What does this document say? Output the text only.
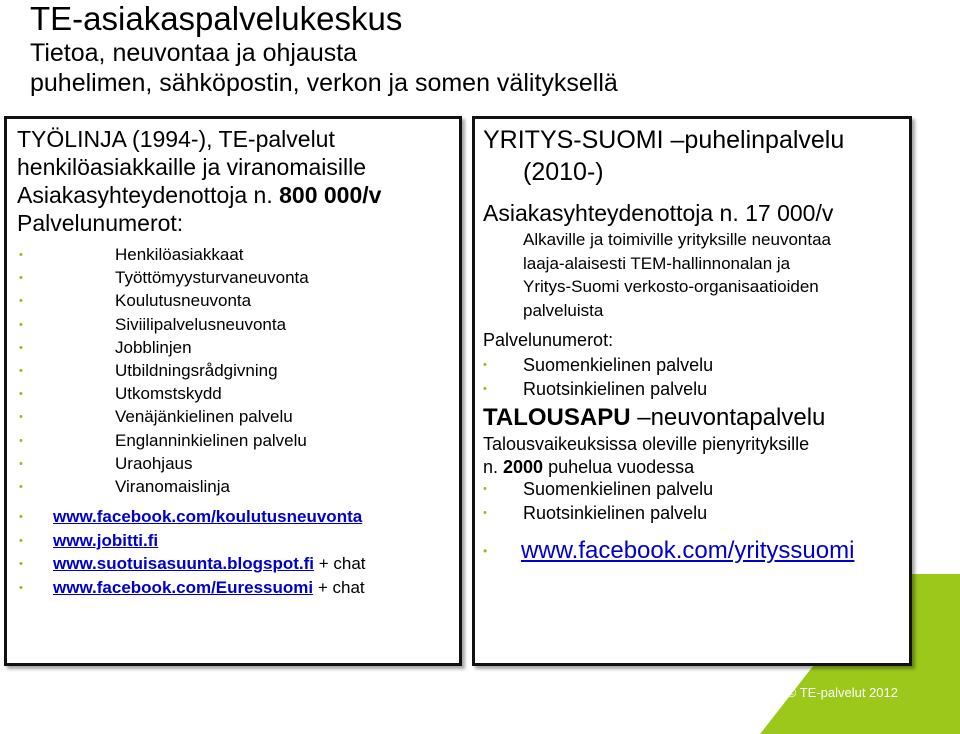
TE-asiakaspalvelukeskus
Tietoa, neuvontaa ja ohjausta
puhelimen, sähköpostin, verkon ja somen välityksellä
TYÖLINJA (1994-), TE-palvelut
henkilöasiakkaille ja viranomaisille
Asiakasyhteydenottoja n. 800 000/v
Palvelunumerot:
•	Henkilöasiakkaat
•	Työttömyysturvaneuvonta
•	Koulutusneuvonta
•	Siviilipalvelusneuvonta
•	Jobblinjen
•	Utbildningsrådgivning
•	Utkomstskydd
•	Venäjänkielinen palvelu
•	Englanninkielinen palvelu
•	Uraohjaus
•	Viranomaislinja
• www.facebook.com/koulutusneuvonta
• www.jobitti.fi
• www.suotuisasuunta.blogspot.fi + chat
• www.facebook.com/Euressuomi + chat
YRITYS-SUOMI –puhelinpalvelu
(2010-)
Asiakasyhteydenottoja n. 17 000/v
Alkaville ja toimiville yrityksille neuvontaa
laaja-alaisesti TEM-hallinnonalan ja
Yritys-Suomi verkosto-organisaatioiden
palveluista
Palvelunumerot:
• Suomenkielinen palvelu
• Ruotsinkielinen palvelu
TALOUSAPU –neuvontapalvelu
Talousvaikeuksissa oleville pienyrityksille
n. 2000 puhelua vuodessa
• Suomenkielinen palvelu
• Ruotsinkielinen palvelu
• www.facebook.com/yrityssuomi
© TE-palvelut 2012
